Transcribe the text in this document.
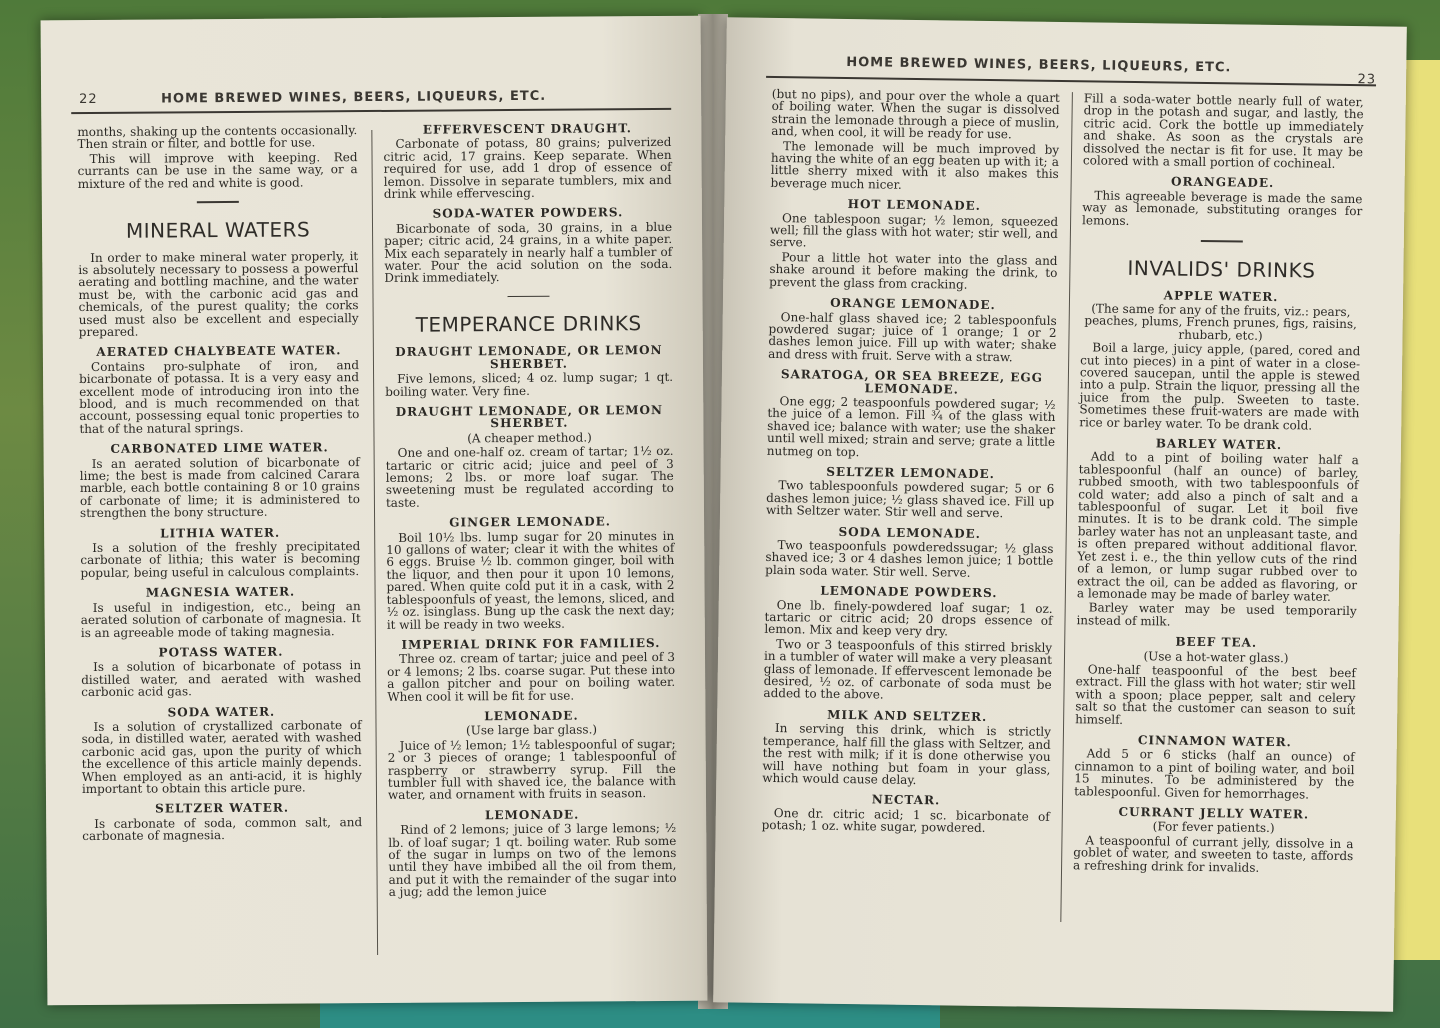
22	HOME BREWED WINES, BEERS, LIQUEURS, ETC.

months, shaking up the contents occasionally. Then strain or filter, and bottle for use.

This will improve with keeping. Red currants can be use in the same way, or a mixture of the red and white is good.

MINERAL WATERS

In order to make mineral water properly, it is absolutely necessary to possess a powerful aerating and bottling machine, and the water must be, with the carbonic acid gas and chemicals, of the purest quality; the corks used must also be excellent and especially prepared.

AERATED CHALYBEATE WATER.

Contains pro-sulphate of iron, and bicarbonate of potassa. It is a very easy and excellent mode of introducing iron into the blood, and is much recommended on that account, possessing equal tonic properties to that of the natural springs.

CARBONATED LIME WATER.

Is an aerated solution of bicarbonate of lime; the best is made from calcined Carara marble, each bottle containing 8 or 10 grains of carbonate of lime; it is administered to strengthen the bony structure.

LITHIA WATER.

Is a solution of the freshly precipitated carbonate of lithia; this water is becoming popular, being useful in calculous complaints.

MAGNESIA WATER.

Is useful in indigestion, etc., being an aerated solution of carbonate of magnesia. It is an agreeable mode of taking magnesia.

POTASS WATER.

Is a solution of bicarbonate of potass in distilled water, and aerated with washed carbonic acid gas.

SODA WATER.

Is a solution of crystallized carbonate of soda, in distilled water, aerated with washed carbonic acid gas, upon the purity of which the excellence of this article mainly depends. When employed as an anti-acid, it is highly important to obtain this article pure.

SELTZER WATER.

Is carbonate of soda, common salt, and carbonate of magnesia.

EFFERVESCENT DRAUGHT.

Carbonate of potass, 80 grains; pulverized citric acid, 17 grains. Keep separate. When required for use, add 1 drop of essence of lemon. Dissolve in separate tumblers, mix and drink while effervescing.

SODA-WATER POWDERS.

Bicarbonate of soda, 30 grains, in a blue paper; citric acid, 24 grains, in a white paper. Mix each separately in nearly half a tumbler of water. Pour the acid solution on the soda. Drink immediately.

TEMPERANCE DRINKS
DRAUGHT LEMONADE, OR LEMON SHERBET.

Five lemons, sliced; 4 oz. lump sugar; 1 qt. boiling water. Very fine.

DRAUGHT LEMONADE, OR LEMON SHERBET.

(A cheaper method.)

One and one-half oz. cream of tartar; 1½ oz. tartaric or citric acid; juice and peel of 3 lemons; 2 lbs. or more loaf sugar. The sweetening must be regulated according to taste.

GINGER LEMONADE.

Boil 10½ lbs. lump sugar for 20 minutes in 10 gallons of water; clear it with the whites of 6 eggs. Bruise ½ lb. common ginger, boil with the liquor, and then pour it upon 10 lemons, pared. When quite cold put it in a cask, with 2 tablespoonfuls of yeast, the lemons, sliced, and ½ oz. isinglass. Bung up the cask the next day; it will be ready in two weeks.

IMPERIAL DRINK FOR FAMILIES.

Three oz. cream of tartar; juice and peel of 3 or 4 lemons; 2 lbs. coarse sugar. Put these into a gallon pitcher and pour on boiling water. When cool it will be fit for use.

LEMONADE.

(Use large bar glass.)

Juice of ½ lemon; 1½ tablespoonful of sugar; 2 or 3 pieces of orange; 1 tablespoonful of raspberry or strawberry syrup. Fill the tumbler full with shaved ice, the balance with water, and ornament with fruits in season.

LEMONADE.

Rind of 2 lemons; juice of 3 large lemons; ½ lb. of loaf sugar; 1 qt. boiling water. Rub some of the sugar in lumps on two of the lemons until they have imbibed all the oil from them, and put it with the remainder of the sugar into a jug; add the lemon juice

HOME BREWED WINES, BEERS, LIQUEURS, ETC.
23

(but no pips), and pour over the whole a quart of boiling water. When the sugar is dissolved strain the lemonade through a piece of muslin, and, when cool, it will be ready for use.

The lemonade will be much improved by having the white of an egg beaten up with it; a little sherry mixed with it also makes this beverage much nicer.

HOT LEMONADE.

One tablespoon sugar; ½ lemon, squeezed well; fill the glass with hot water; stir well, and serve.

Pour a little hot water into the glass and shake around it before making the drink, to prevent the glass from cracking.

ORANGE LEMONADE.

One-half glass shaved ice; 2 tablespoonfuls powdered sugar; juice of 1 orange; 1 or 2 dashes lemon juice. Fill up with water; shake and dress with fruit. Serve with a straw.

SARATOGA, OR SEA BREEZE, EGG LEMONADE.

One egg; 2 teaspoonfuls powdered sugar; ½ the juice of a lemon. Fill ¾ of the glass with shaved ice; balance with water; use the shaker until well mixed; strain and serve; grate a little nutmeg on top.

SELTZER LEMONADE.

Two tablespoonfuls powdered sugar; 5 or 6 dashes lemon juice; ½ glass shaved ice. Fill up with Seltzer water. Stir well and serve.

SODA LEMONADE.

Two teaspoonfuls powderedssugar; ½ glass shaved ice; 3 or 4 dashes lemon juice; 1 bottle plain soda water. Stir well. Serve.

LEMONADE POWDERS.

One lb. finely-powdered loaf sugar; 1 oz. tartaric or citric acid; 20 drops essence of lemon. Mix and keep very dry.

Two or 3 teaspoonfuls of this stirred briskly in a tumbler of water will make a very pleasant glass of lemonade. If effervescent lemonade be desired, ½ oz. of carbonate of soda must be added to the above.

MILK AND SELTZER.

In serving this drink, which is strictly temperance, half fill the glass with Seltzer, and the rest with milk; if it is done otherwise you will have nothing but foam in your glass, which would cause delay.

NECTAR.

One dr. citric acid; 1 sc. bicarbonate of potash; 1 oz. white sugar, powdered.

Fill a soda-water bottle nearly full of water, drop in the potash and sugar, and lastly, the citric acid. Cork the bottle up immediately and shake. As soon as the crystals are dissolved the nectar is fit for use. It may be colored with a small portion of cochineal.

ORANGEADE.

This agreeable beverage is made the same way as lemonade, substituting oranges for lemons.

INVALIDS' DRINKS
APPLE WATER.

(The same for any of the fruits, viz.: pears, peaches, plums, French prunes, figs, raisins, rhubarb, etc.)

Boil a large, juicy apple, (pared, cored and cut into pieces) in a pint of water in a close-covered saucepan, until the apple is stewed into a pulp. Strain the liquor, pressing all the juice from the pulp. Sweeten to taste. Sometimes these fruit-waters are made with rice or barley water. To be drank cold.

BARLEY WATER.

Add to a pint of boiling water half a tablespoonful (half an ounce) of barley, rubbed smooth, with two tablespoonfuls of cold water; add also a pinch of salt and a tablespoonful of sugar. Let it boil five minutes. It is to be drank cold. The simple barley water has not an unpleasant taste, and is often prepared without additional flavor. Yet zest i. e., the thin yellow cuts of the rind of a lemon, or lump sugar rubbed over to extract the oil, can be added as flavoring, or a lemonade may be made of barley water.

Barley water may be used temporarily instead of milk.

BEEF TEA.

(Use a hot-water glass.)

One-half teaspoonful of the best beef extract. Fill the glass with hot water; stir well with a spoon; place pepper, salt and celery salt so that the customer can season to suit himself.

CINNAMON WATER.

Add 5 or 6 sticks (half an ounce) of cinnamon to a pint of boiling water, and boil 15 minutes. To be administered by the tablespoonful. Given for hemorrhages.

CURRANT JELLY WATER.

(For fever patients.)

A teaspoonful of currant jelly, dissolve in a goblet of water, and sweeten to taste, affords a refreshing drink for invalids.
